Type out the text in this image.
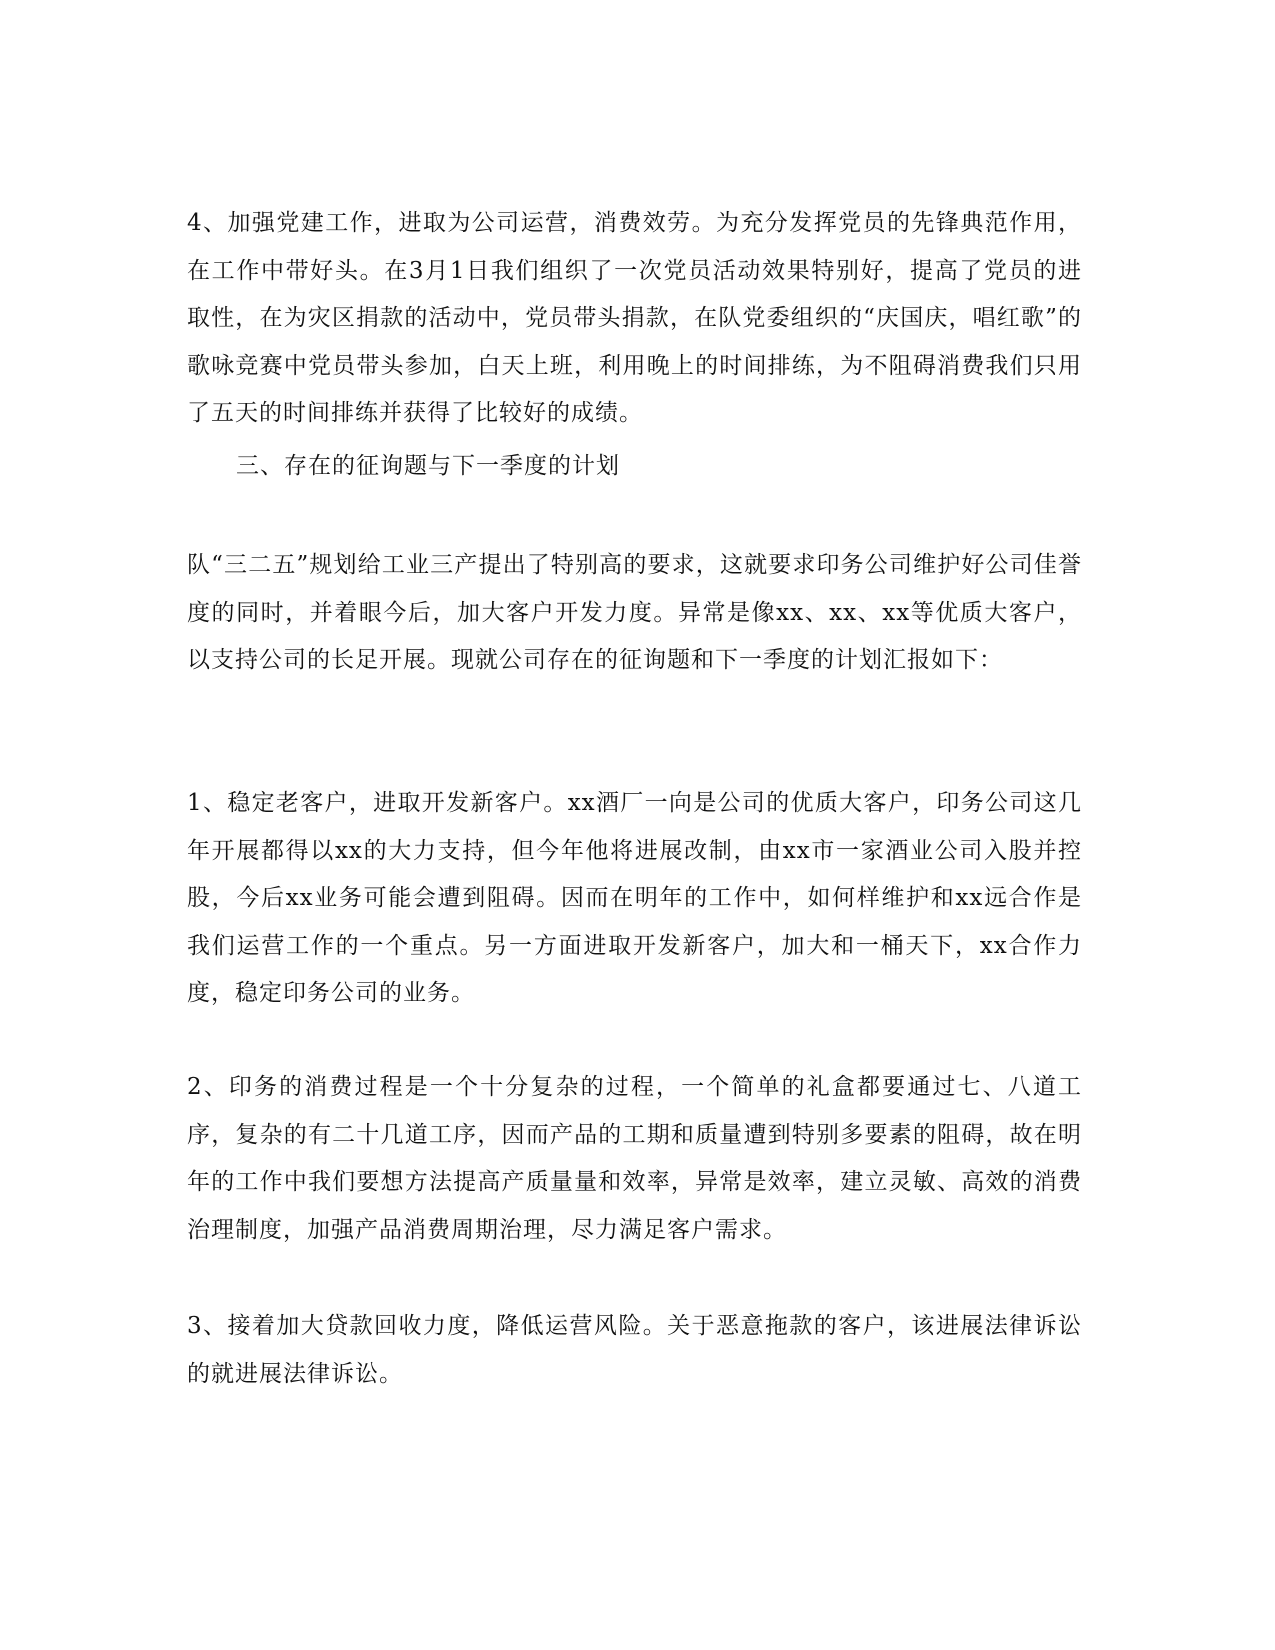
4、加强党建工作，进取为公司运营，消费效劳。为充分发挥党员的先锋典范作用，在工作中带好头。在3月1日我们组织了一次党员活动效果特别好，提高了党员的进取性，在为灾区捐款的活动中，党员带头捐款，在队党委组织的“庆国庆，唱红歌”的歌咏竞赛中党员带头参加，白天上班，利用晚上的时间排练，为不阻碍消费我们只用了五天的时间排练并获得了比较好的成绩。

三、存在的征询题与下一季度的计划

队“三二五”规划给工业三产提出了特别高的要求，这就要求印务公司维护好公司佳誉度的同时，并着眼今后，加大客户开发力度。异常是像xx、xx、xx等优质大客户，以支持公司的长足开展。现就公司存在的征询题和下一季度的计划汇报如下：

1、稳定老客户，进取开发新客户。xx酒厂一向是公司的优质大客户，印务公司这几年开展都得以xx的大力支持，但今年他将进展改制，由xx市一家酒业公司入股并控股，今后xx业务可能会遭到阻碍。因而在明年的工作中，如何样维护和xx远合作是我们运营工作的一个重点。另一方面进取开发新客户，加大和一桶天下，xx合作力度，稳定印务公司的业务。

2、印务的消费过程是一个十分复杂的过程，一个简单的礼盒都要通过七、八道工序，复杂的有二十几道工序，因而产品的工期和质量遭到特别多要素的阻碍，故在明年的工作中我们要想方法提高产质量量和效率，异常是效率，建立灵敏、高效的消费治理制度，加强产品消费周期治理，尽力满足客户需求。

3、接着加大贷款回收力度，降低运营风险。关于恶意拖款的客户，该进展法律诉讼的就进展法律诉讼。
